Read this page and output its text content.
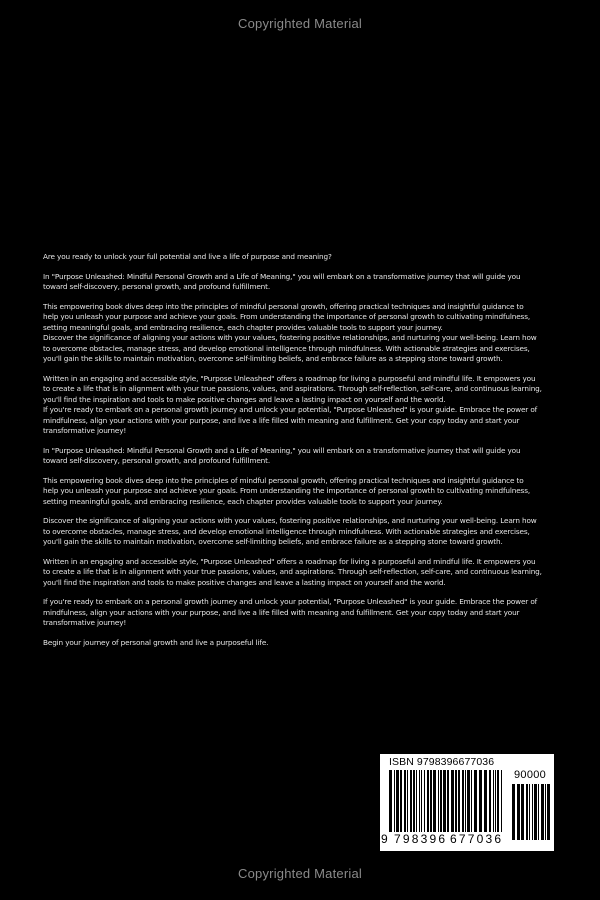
Copyrighted Material

Are you ready to unlock your full potential and live a life of purpose and meaning?

In "Purpose Unleashed: Mindful Personal Growth and a Life of Meaning," you will embark on a transformative journey that will guide you
toward self-discovery, personal growth, and profound fulfillment.

This empowering book dives deep into the principles of mindful personal growth, offering practical techniques and insightful guidance to
help you unleash your purpose and achieve your goals. From understanding the importance of personal growth to cultivating mindfulness,
setting meaningful goals, and embracing resilience, each chapter provides valuable tools to support your journey.
Discover the significance of aligning your actions with your values, fostering positive relationships, and nurturing your well-being. Learn how
to overcome obstacles, manage stress, and develop emotional intelligence through mindfulness. With actionable strategies and exercises,
you'll gain the skills to maintain motivation, overcome self-limiting beliefs, and embrace failure as a stepping stone toward growth.

Written in an engaging and accessible style, "Purpose Unleashed" offers a roadmap for living a purposeful and mindful life. It empowers you
to create a life that is in alignment with your true passions, values, and aspirations. Through self-reflection, self-care, and continuous learning,
you'll find the inspiration and tools to make positive changes and leave a lasting impact on yourself and the world.
If you're ready to embark on a personal growth journey and unlock your potential, "Purpose Unleashed" is your guide. Embrace the power of
mindfulness, align your actions with your purpose, and live a life filled with meaning and fulfillment. Get your copy today and start your
transformative journey!

In "Purpose Unleashed: Mindful Personal Growth and a Life of Meaning," you will embark on a transformative journey that will guide you
toward self-discovery, personal growth, and profound fulfillment.

This empowering book dives deep into the principles of mindful personal growth, offering practical techniques and insightful guidance to
help you unleash your purpose and achieve your goals. From understanding the importance of personal growth to cultivating mindfulness,
setting meaningful goals, and embracing resilience, each chapter provides valuable tools to support your journey.

Discover the significance of aligning your actions with your values, fostering positive relationships, and nurturing your well-being. Learn how
to overcome obstacles, manage stress, and develop emotional intelligence through mindfulness. With actionable strategies and exercises,
you'll gain the skills to maintain motivation, overcome self-limiting beliefs, and embrace failure as a stepping stone toward growth.

Written in an engaging and accessible style, "Purpose Unleashed" offers a roadmap for living a purposeful and mindful life. It empowers you
to create a life that is in alignment with your true passions, values, and aspirations. Through self-reflection, self-care, and continuous learning,
you'll find the inspiration and tools to make positive changes and leave a lasting impact on yourself and the world.

If you're ready to embark on a personal growth journey and unlock your potential, "Purpose Unleashed" is your guide. Embrace the power of
mindfulness, align your actions with your purpose, and live a life filled with meaning and fulfillment. Get your copy today and start your
transformative journey!

Begin your journey of personal growth and live a purposeful life.

ISBN 9798396677036
90000
9 798396 677036
Copyrighted Material
